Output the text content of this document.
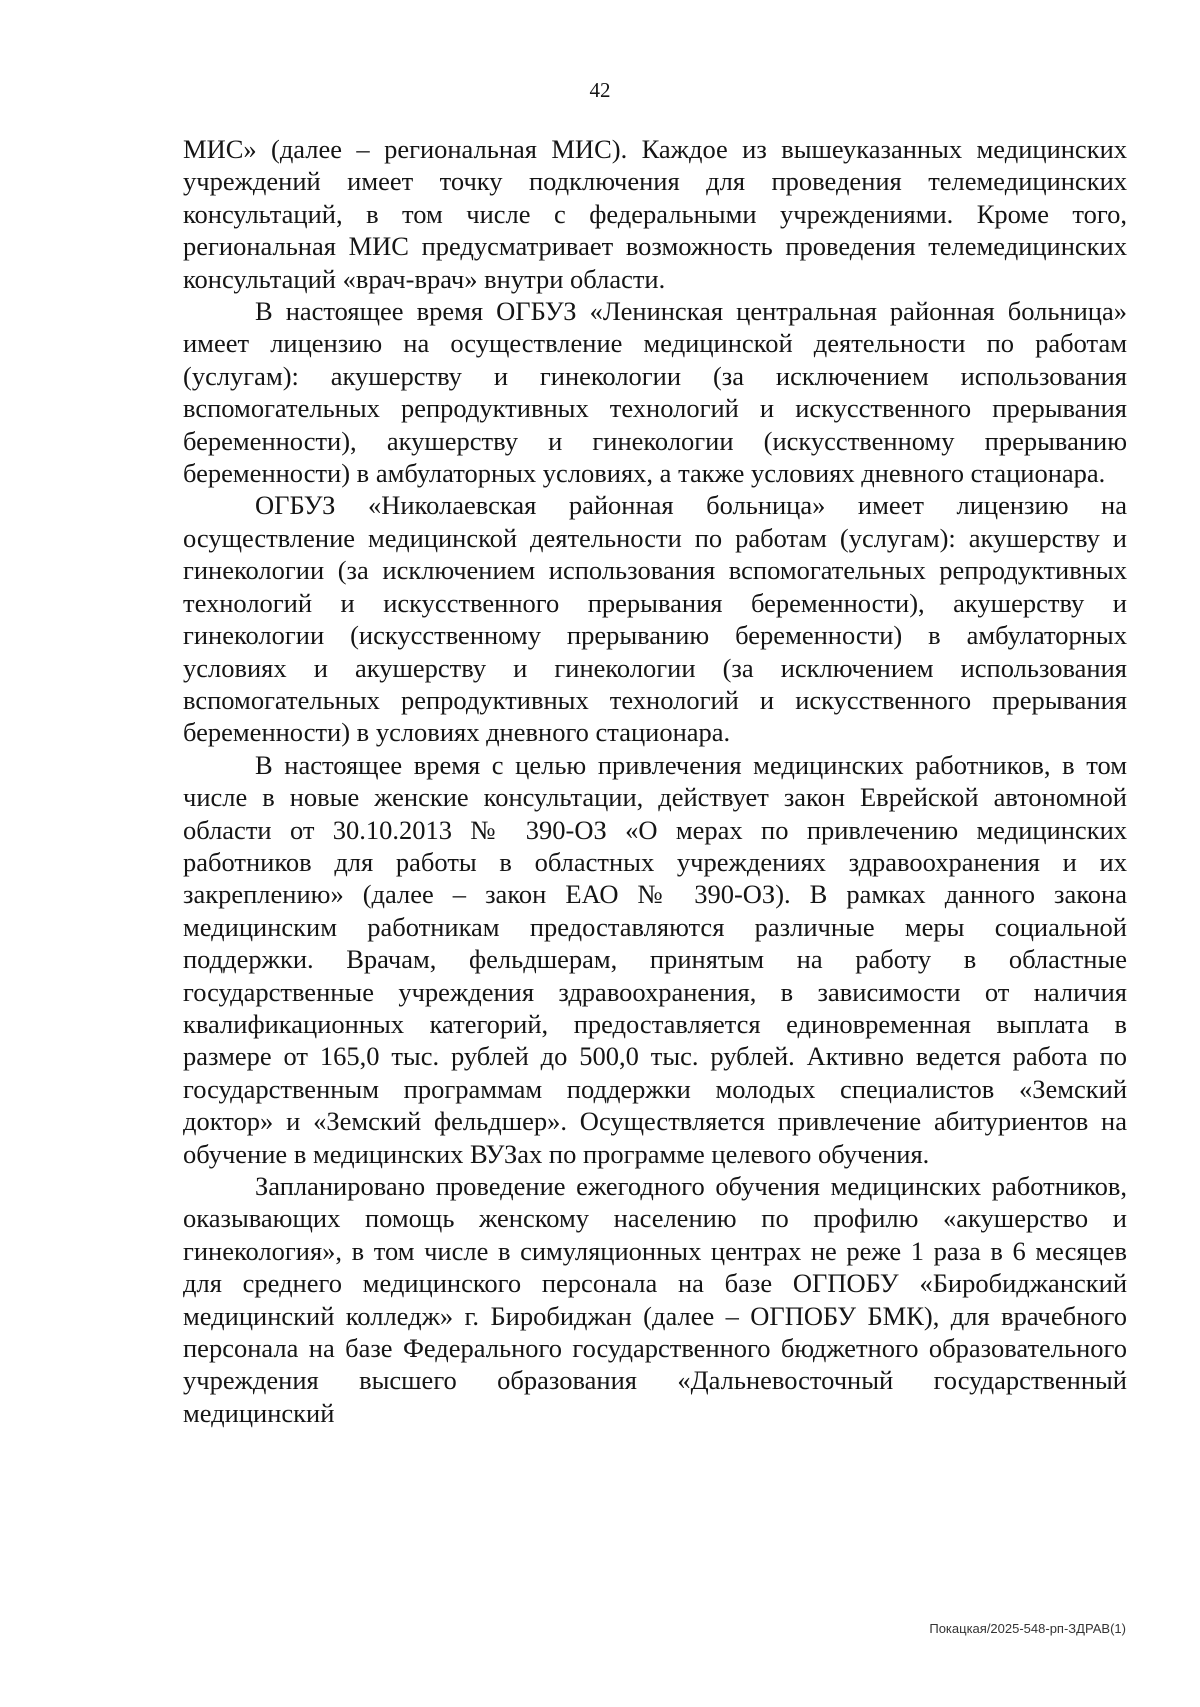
42

МИС» (далее – региональная МИС). Каждое из вышеуказанных медицинских учреждений имеет точку подключения для проведения телемедицинских консультаций, в том числе с федеральными учреждениями. Кроме того, региональная МИС предусматривает возможность проведения телемедицинских консультаций «врач-врач» внутри области.

В настоящее время ОГБУЗ «Ленинская центральная районная больница» имеет лицензию на осуществление медицинской деятельности по работам (услугам): акушерству и гинекологии (за исключением использования вспомогательных репродуктивных технологий и искусственного прерывания беременности), акушерству и гинекологии (искусственному прерыванию беременности) в амбулаторных условиях, а также условиях дневного стационара.

ОГБУЗ «Николаевская районная больница» имеет лицензию на осуществление медицинской деятельности по работам (услугам): акушерству и гинекологии (за исключением использования вспомогательных репродуктивных технологий и искусственного прерывания беременности), акушерству и гинекологии (искусственному прерыванию беременности) в амбулаторных условиях и акушерству и гинекологии (за исключением использования вспомогательных репродуктивных технологий и искусственного прерывания беременности) в условиях дневного стационара.

В настоящее время с целью привлечения медицинских работников, в том числе в новые женские консультации, действует закон Еврейской автономной области от 30.10.2013 № 390-ОЗ «О мерах по привлечению медицинских работников для работы в областных учреждениях здравоохранения и их закреплению» (далее – закон ЕАО № 390-ОЗ). В рамках данного закона медицинским работникам предоставляются различные меры социальной поддержки. Врачам, фельдшерам, принятым на работу в областные государственные учреждения здравоохранения, в зависимости от наличия квалификационных категорий, предоставляется единовременная выплата в размере от 165,0 тыс. рублей до 500,0 тыс. рублей. Активно ведется работа по государственным программам поддержки молодых специалистов «Земский доктор» и «Земский фельдшер». Осуществляется привлечение абитуриентов на обучение в медицинских ВУЗах по программе целевого обучения.

Запланировано проведение ежегодного обучения медицинских работников, оказывающих помощь женскому населению по профилю «акушерство и гинекология», в том числе в симуляционных центрах не реже 1 раза в 6 месяцев для среднего медицинского персонала на базе ОГПОБУ «Биробиджанский медицинский колледж» г. Биробиджан (далее – ОГПОБУ БМК), для врачебного персонала на базе Федерального государственного бюджетного образовательного учреждения высшего образования «Дальневосточный государственный медицинский

Покацкая/2025-548-рп-ЗДРАВ(1)
